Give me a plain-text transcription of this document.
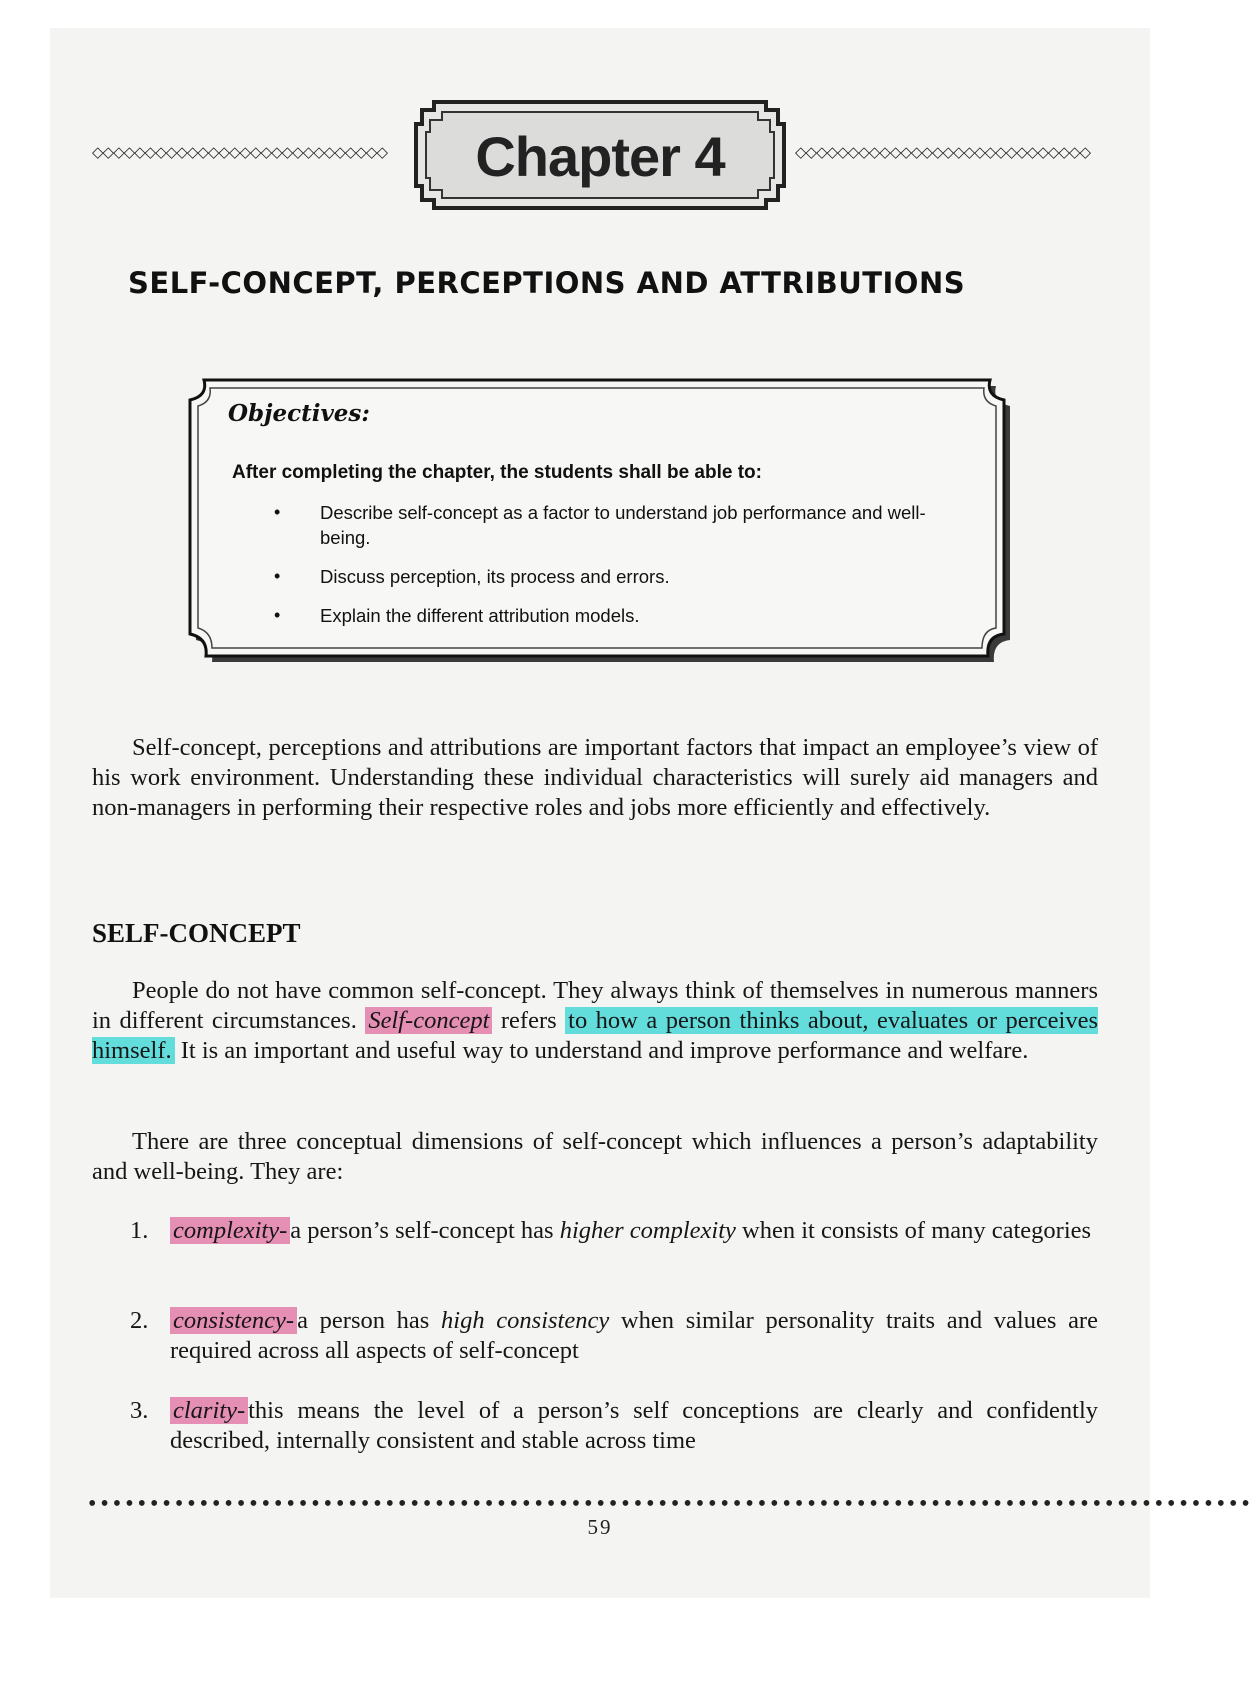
◇◇◇◇◇◇◇◇◇◇◇◇◇◇◇◇◇◇◇◇◇◇◇◇◇◇◇◇	Chapter 4	◇◇◇◇◇◇◇◇◇◇◇◇◇◇◇◇◇◇◇◇◇◇◇◇◇◇◇◇
SELF-CONCEPT, PERCEPTIONS AND ATTRIBUTIONS
Objectives:
After completing the chapter, the students shall be able to:
• Describe self-concept as a factor to understand job performance and well-being.
• Discuss perception, its process and errors.
• Explain the different attribution models.

Self-concept, perceptions and attributions are important factors that impact an employee’s view of his work environment. Understanding these individual characteristics will surely aid managers and non-managers in performing their respective roles and jobs more efficiently and effectively.

SELF-CONCEPT

People do not have common self-concept. They always think of themselves in numerous manners in different circumstances. Self-concept refers to how a person thinks about, evaluates or perceives himself. It is an important and useful way to understand and improve performance and welfare.

There are three conceptual dimensions of self-concept which influences a person’s adaptability and well-being. They are:

1. complexity- a person’s self-concept has higher complexity when it consists of many categories
2. consistency- a person has high consistency when similar personality traits and values are required across all aspects of self-concept
3. clarity- this means the level of a person’s self conceptions are clearly and confidently described, internally consistent and stable across time
••••••••••••••••••••••••••••••••••••••••••••••••••••••••••••••••••••••••••••••••••••••••••••••
59
